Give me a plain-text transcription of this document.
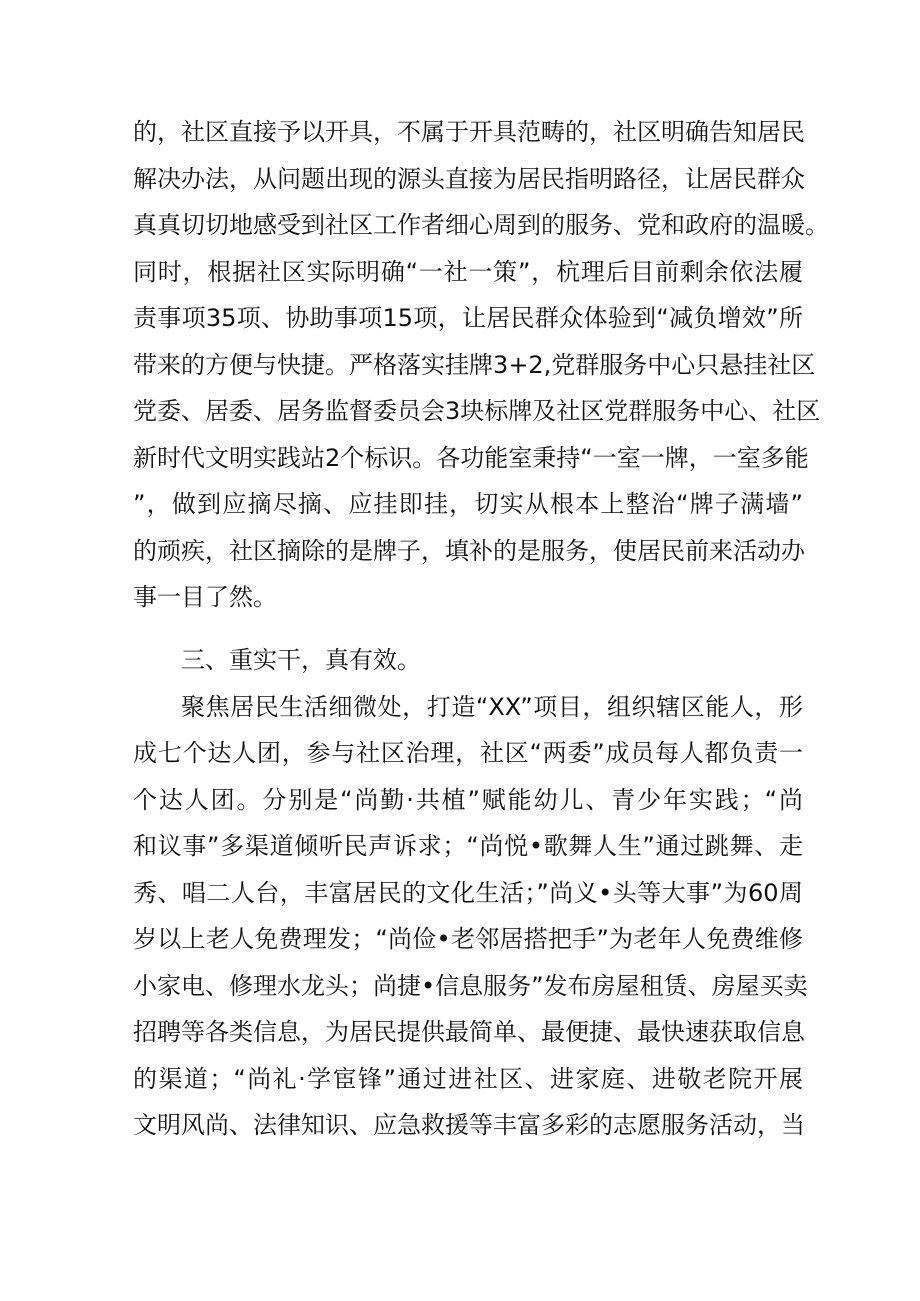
的，社区直接予以开具，不属于开具范畴的，社区明确告知居民
解决办法，从问题出现的源头直接为居民指明路径，让居民群众
真真切切地感受到社区工作者细心周到的服务、党和政府的温暖。
同时，根据社区实际明确“一社一策”，杭理后目前剩余依法履
责事项35项、协助事项15项，让居民群众体验到“减负增效”所
带来的方便与快捷。严格落实挂牌3+2,党群服务中心只悬挂社区
党委、居委、居务监督委员会3块标牌及社区党群服务中心、社区
新时代文明实践站2个标识。各功能室秉持“一室一牌，一室多能
”，做到应摘尽摘、应挂即挂，切实从根本上整治“牌子满墙”
的顽疾，社区摘除的是牌子，填补的是服务，使居民前来活动办
事一目了然。
三、重实干，真有效。
聚焦居民生活细微处，打造“XX”项目，组织辖区能人，形
成七个达人团，参与社区治理，社区“两委”成员每人都负责一
个达人团。分别是“尚勤·共植”赋能幼儿、青少年实践；“尚
和议事”多渠道倾听民声诉求；“尚悦•歌舞人生”通过跳舞、走
秀、唱二人台，丰富居民的文化生活；”尚义•头等大事”为60周
岁以上老人免费理发；“尚俭•老邻居搭把手”为老年人免费维修
小家电、修理水龙头；尚捷•信息服务”发布房屋租赁、房屋买卖
招聘等各类信息，为居民提供最简单、最便捷、最快速获取信息
的渠道；“尚礼·学宦锋”通过进社区、进家庭、进敬老院开展
文明风尚、法律知识、应急救援等丰富多彩的志愿服务活动，当
